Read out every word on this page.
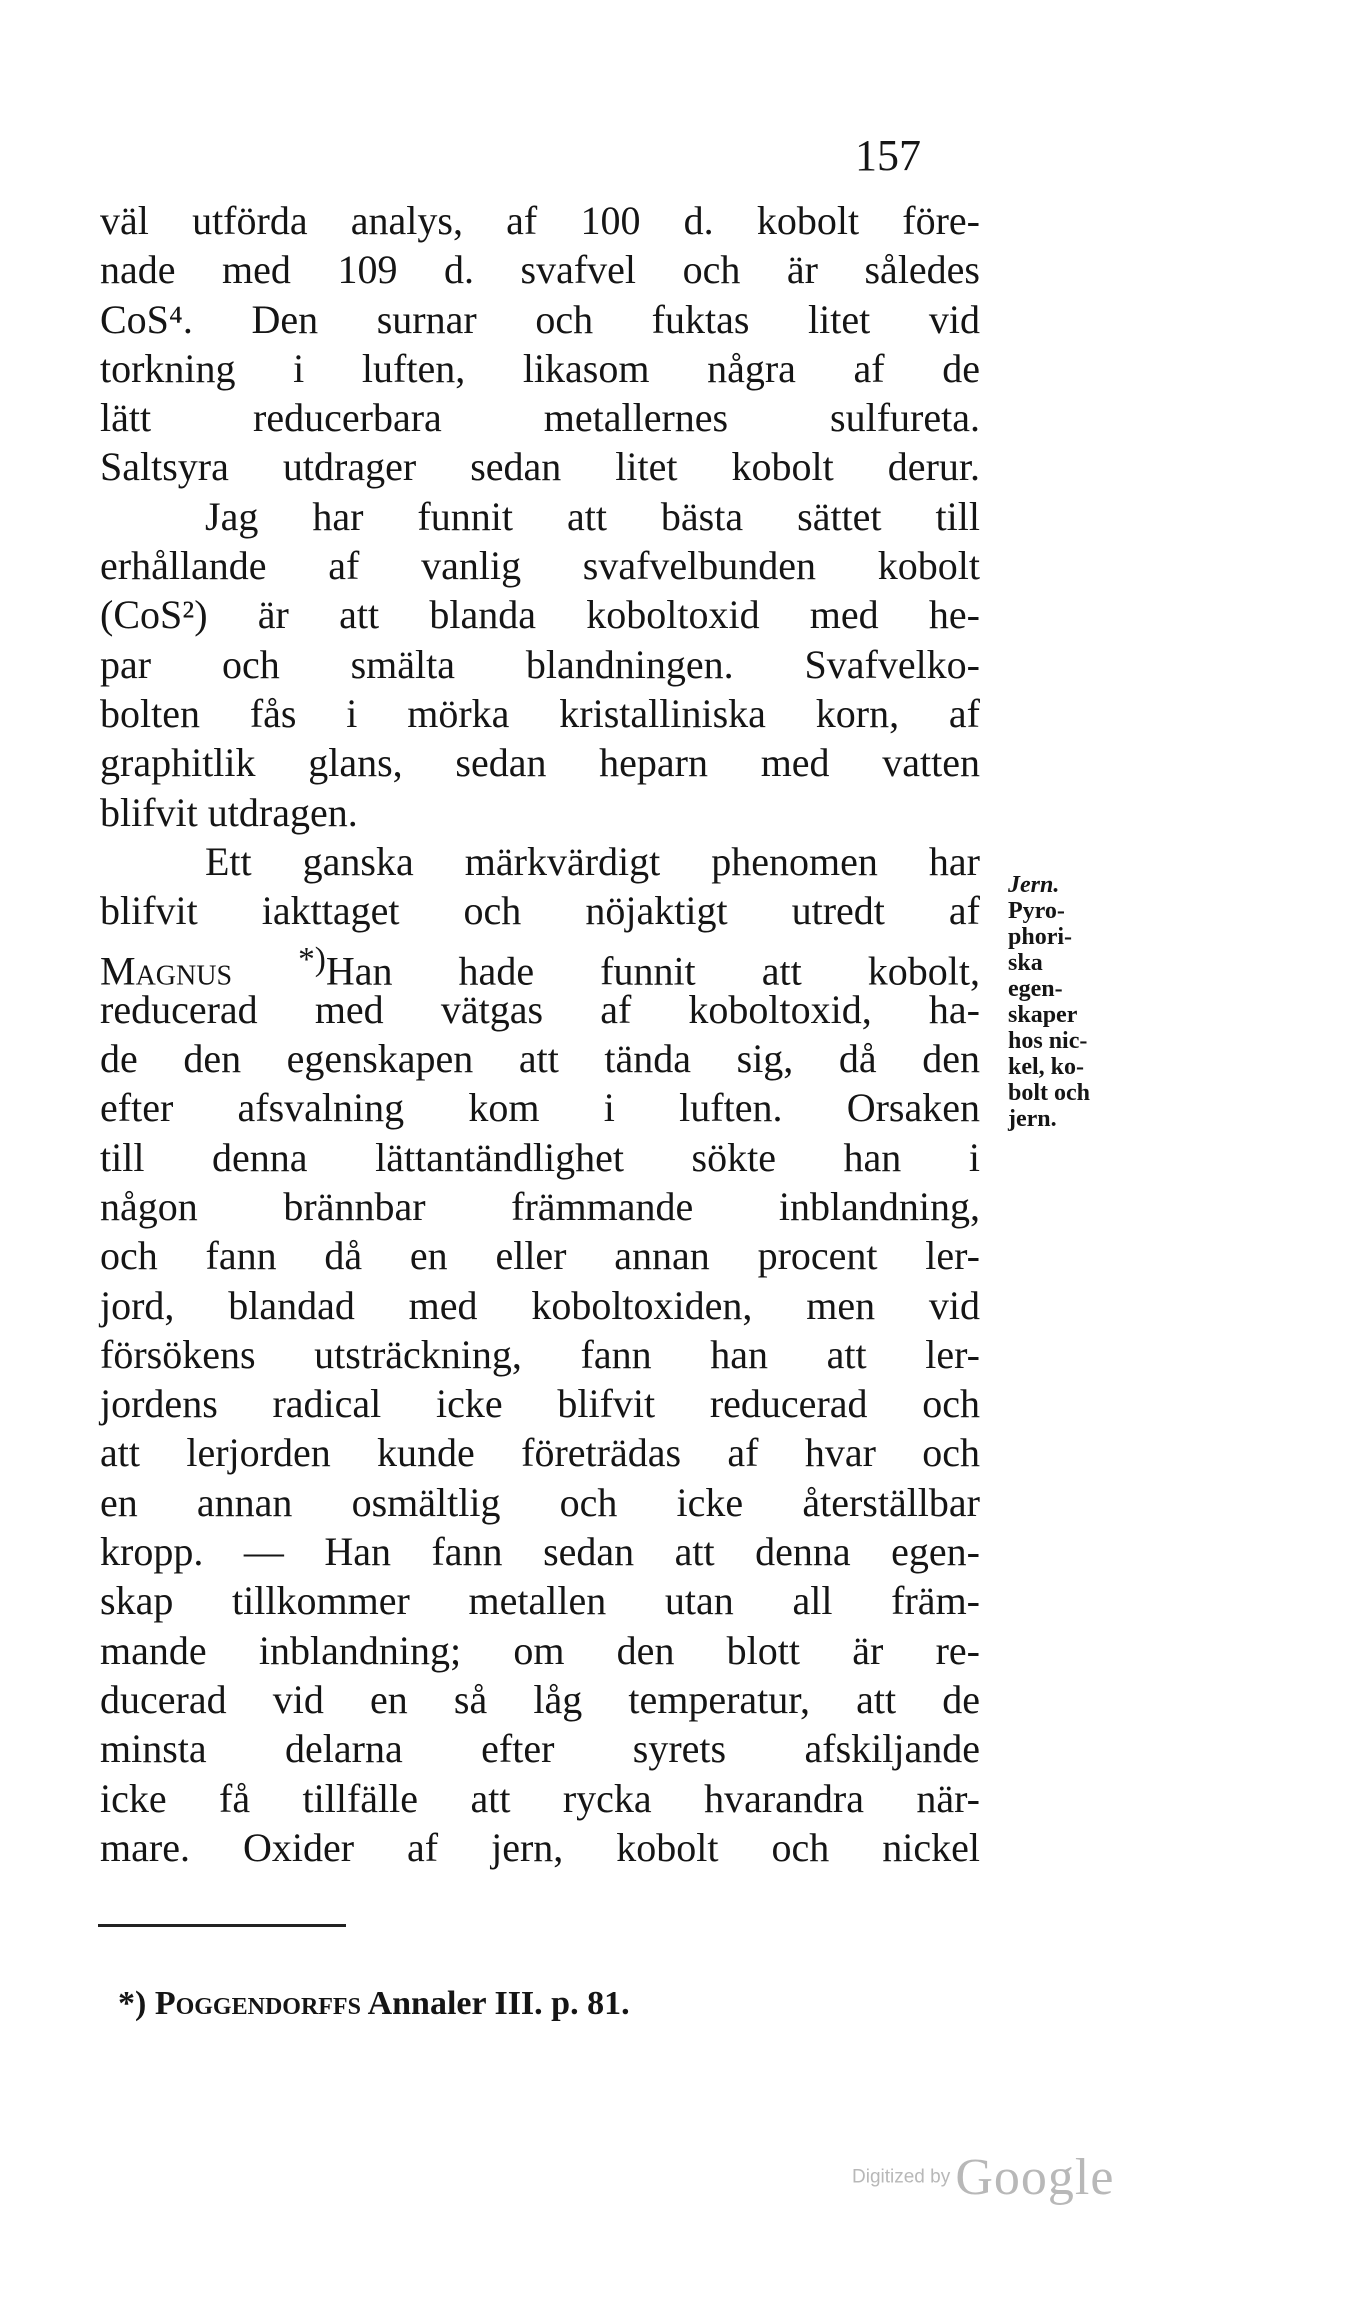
157
väl utförda analys, af 100 d. kobolt före-
nade med 109 d. svafvel och är således
CoS⁴. Den surnar och fuktas litet vid
torkning i luften, likasom några af de
lätt reducerbara metallernes sulfureta.
Saltsyra utdrager sedan litet kobolt derur.
Jag har funnit att bästa sättet till
erhållande af vanlig svafvelbunden kobolt
(CoS²) är att blanda koboltoxid med he-
par och smälta blandningen. Svafvelko-
bolten fås i mörka kristalliniska korn, af
graphitlik glans, sedan heparn med vatten
blifvit utdragen.
Ett ganska märkvärdigt phenomen har
blifvit iakttaget och nöjaktigt utredt af
Magnus *)Han hade funnit att kobolt,
reducerad med vätgas af koboltoxid, ha-
de den egenskapen att tända sig, då den
efter afsvalning kom i luften. Orsaken
till denna lättantändlighet sökte han i
någon brännbar främmande inblandning,
och fann då en eller annan procent ler-
jord, blandad med koboltoxiden, men vid
försökens utsträckning, fann han att ler-
jordens radical icke blifvit reducerad och
att lerjorden kunde företrädas af hvar och
en annan osmältlig och icke återställbar
kropp. — Han fann sedan att denna egen-
skap tillkommer metallen utan all främ-
mande inblandning; om den blott är re-
ducerad vid en så låg temperatur, att de
minsta delarna efter syrets afskiljande
icke få tillfälle att rycka hvarandra när-
mare. Oxider af jern, kobolt och nickel
Jern.
Pyro-
phori-
ska
egen-
skaper
hos nic-
kel, ko-
bolt och
jern.
*) Poggendorffs Annaler III. p. 81.
Digitized by Google
